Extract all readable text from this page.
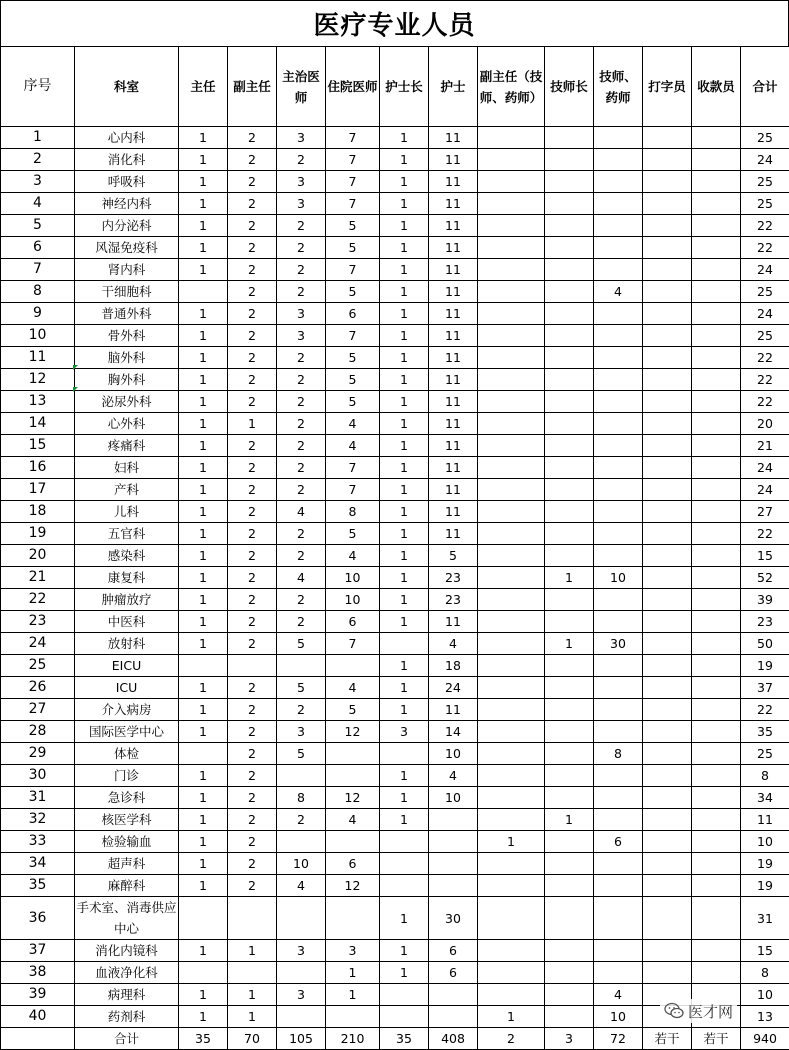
医疗专业人员
序号	科室	主任	副主任	主治医师	住院医师	护士长	护士	副主任（技师、药师）	技师长	技师、药师	打字员	收款员	合计
1	心内科	1	2	3	7	1	11						25
2	消化科	1	2	2	7	1	11						24
3	呼吸科	1	2	3	7	1	11						25
4	神经内科	1	2	3	7	1	11						25
5	内分泌科	1	2	2	5	1	11						22
6	风湿免疫科	1	2	2	5	1	11						22
7	肾内科	1	2	2	7	1	11						24
8	干细胞科		2	2	5	1	11			4			25
9	普通外科	1	2	3	6	1	11						24
10	骨外科	1	2	3	7	1	11						25
11	脑外科	1	2	2	5	1	11						22
12	胸外科	1	2	2	5	1	11						22
13	泌尿外科	1	2	2	5	1	11						22
14	心外科	1	1	2	4	1	11						20
15	疼痛科	1	2	2	4	1	11						21
16	妇科	1	2	2	7	1	11						24
17	产科	1	2	2	7	1	11						24
18	儿科	1	2	4	8	1	11						27
19	五官科	1	2	2	5	1	11						22
20	感染科	1	2	2	4	1	5						15
21	康复科	1	2	4	10	1	23		1	10			52
22	肿瘤放疗	1	2	2	10	1	23						39
23	中医科	1	2	2	6	1	11						23
24	放射科	1	2	5	7		4		1	30			50
25	EICU					1	18						19
26	ICU	1	2	5	4	1	24						37
27	介入病房	1	2	2	5	1	11						22
28	国际医学中心	1	2	3	12	3	14						35
29	体检		2	5			10			8			25
30	门诊	1	2			1	4						8
31	急诊科	1	2	8	12	1	10						34
32	核医学科	1	2	2	4	1			1				11
33	检验输血	1	2					1		6			10
34	超声科	1	2	10	6								19
35	麻醉科	1	2	4	12								19
36	手术室、消毒供应中心					1	30						31
37	消化内镜科	1	1	3	3	1	6						15
38	血液净化科				1	1	6						8
39	病理科	1	1	3	1					4			10
40	药剂科	1	1					1		10			13
	合计	35	70	105	210	35	408	2	3	72	若干	若干	940
医才网
